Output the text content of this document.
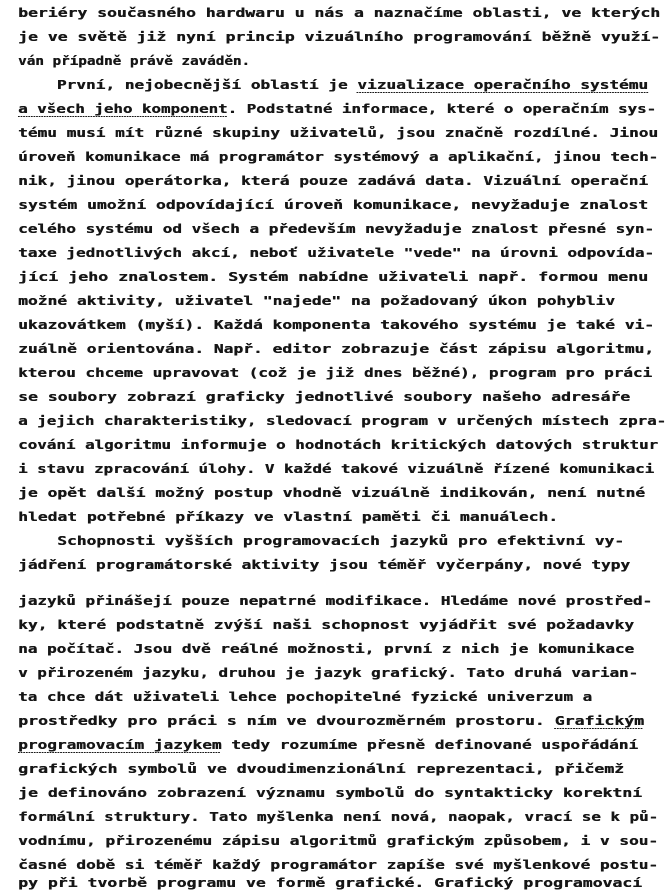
beriéry současného hardwaru u nás a naznačíme oblasti, ve kterých
je ve světě již nyní princip vizuálního programování běžně využí-
ván případně právě zaváděn.
První, nejobecnější oblastí je vizualizace operačního systému
a všech jeho komponent. Podstatné informace, které o operačním sys-
tému musí mít různé skupiny uživatelů, jsou značně rozdílné. Jinou
úroveň komunikace má programátor systémový a aplikační, jinou tech-
nik, jinou operátorka, která pouze zadává data. Vizuální operační
systém umožní odpovídající úroveň komunikace, nevyžaduje znalost
celého systému od všech a především nevyžaduje znalost přesné syn-
taxe jednotlivých akcí, neboť uživatele "vede" na úrovni odpovída-
jící jeho znalostem. Systém nabídne uživateli např. formou menu
možné aktivity, uživatel "najede" na požadovaný úkon pohybliv
ukazovátkem (myší). Každá komponenta takového systému je také vi-
zuálně orientována. Např. editor zobrazuje část zápisu algoritmu,
kterou chceme upravovat (což je již dnes běžné), program pro práci
se soubory zobrazí graficky jednotlivé soubory našeho adresáře
a jejich charakteristiky, sledovací program v určených místech zpra-
cování algoritmu informuje o hodnotách kritických datových struktur
i stavu zpracování úlohy. V každé takové vizuálně řízené komunikaci
je opět další možný postup vhodně vizuálně indikován, není nutné
hledat potřebné příkazy ve vlastní paměti či manuálech.
Schopnosti vyšších programovacích jazyků pro efektivní vy-
jádření programátorské aktivity jsou téměř vyčerpány, nové typy
jazyků přinášejí pouze nepatrné modifikace. Hledáme nové prostřed-
ky, které podstatně zvýší naši schopnost vyjádřit své požadavky
na počítač. Jsou dvě reálné možnosti, první z nich je komunikace
v přirozeném jazyku, druhou je jazyk grafický. Tato druhá varian-
ta chce dát uživateli lehce pochopitelné fyzické univerzum a
prostředky pro práci s ním ve dvourozměrném prostoru. Grafickým
programovacím jazykem tedy rozumíme přesně definované uspořádání
grafických symbolů ve dvoudimenzionální reprezentaci, přičemž
je definováno zobrazení významu symbolů do syntakticky korektní
formální struktury. Tato myšlenka není nová, naopak, vrací se k pů-
vodnímu, přirozenému zápisu algoritmů grafickým způsobem, i v sou-
časné době si téměř každý programátor zapíše své myšlenkové postu-
py při tvorbě programu ve formě grafické. Grafický programovací
